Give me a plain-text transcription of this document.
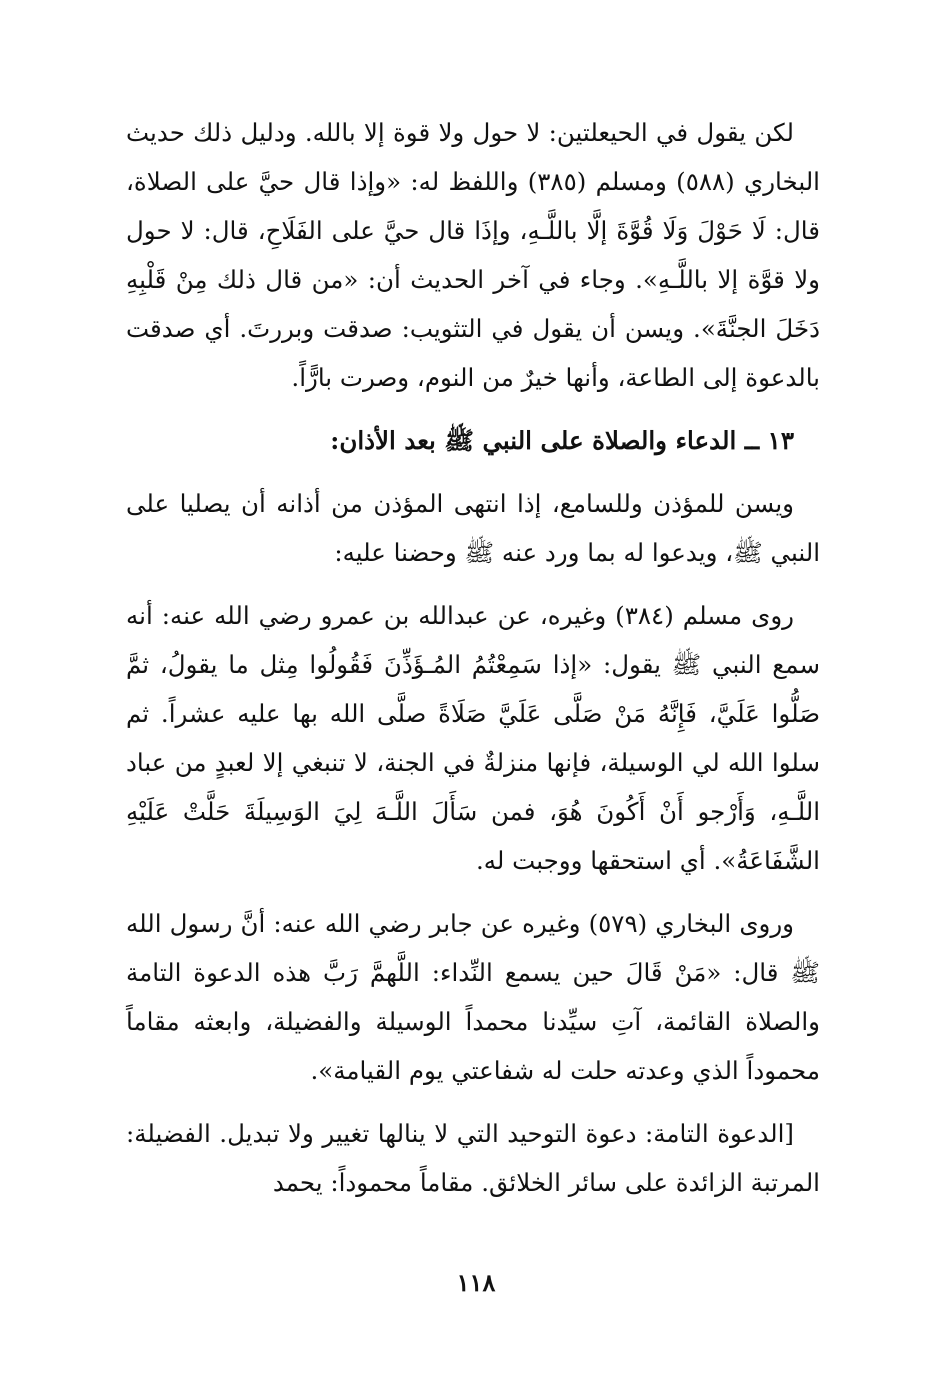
لكن يقول في الحيعلتين: لا حول ولا قوة إلا بالله. ودليل ذلك حديث البخاري (٥٨٨) ومسلم (٣٨٥) واللفظ له: «وإذا قال حيَّ على الصلاة، قال: لَا حَوْلَ وَلَا قُوَّةَ إلَّا باللَّـهِ، وإذَا قال حيَّ على الفَلَاحِ، قال: لا حول ولا قوَّة إلا باللَّـهِ». وجاء في آخر الحديث أن: «من قال ذلك مِنْ قَلْبِهِ دَخَلَ الجنَّةَ». ويسن أن يقول في التثويب: صدقت وبررتَ. أي صدقت بالدعوة إلى الطاعة، وأنها خيرٌ من النوم، وصرت بارًّاً.

١٣ ــ الدعاء والصلاة على النبي ﷺ بعد الأذان:

ويسن للمؤذن وللسامع، إذا انتهى المؤذن من أذانه أن يصليا على النبي ﷺ، ويدعوا له بما ورد عنه ﷺ وحضنا عليه:

روى مسلم (٣٨٤) وغيره، عن عبدالله بن عمرو رضي الله عنه: أنه سمع النبي ﷺ يقول: «إذا سَمِعْتُمُ المُـؤَذِّنَ فَقُولُوا مِثل ما يقولُ، ثمَّ صَلُّوا عَلَيَّ، فَإِنَّهُ مَنْ صَلَّى عَلَيَّ صَلَاةً صلَّى الله بها عليه عشراً. ثم سلوا الله لي الوسيلة، فإنها منزلةٌ في الجنة، لا تنبغي إلا لعبدٍ من عباد اللَّـهِ، وَأَرْجو أَنْ أَكُونَ هُوَ، فمن سَأَلَ اللَّـهَ لِيَ الوَسِيلَةَ حَلَّتْ عَلَيْهِ الشَّفَاعَةُ». أي استحقها ووجبت له.

وروى البخاري (٥٧٩) وغيره عن جابر رضي الله عنه: أنَّ رسول الله ﷺ قال: «مَنْ قَالَ حين يسمع النِّداء: اللَّهمَّ رَبَّ هذه الدعوة التامة والصلاة القائمة، آتِ سيِّدنا محمداً الوسيلة والفضيلة، وابعثه مقاماً محموداً الذي وعدته حلت له شفاعتي يوم القيامة».

[الدعوة التامة: دعوة التوحيد التي لا ينالها تغيير ولا تبديل. الفضيلة: المرتبة الزائدة على سائر الخلائق. مقاماً محموداً: يحمد

١١٨
